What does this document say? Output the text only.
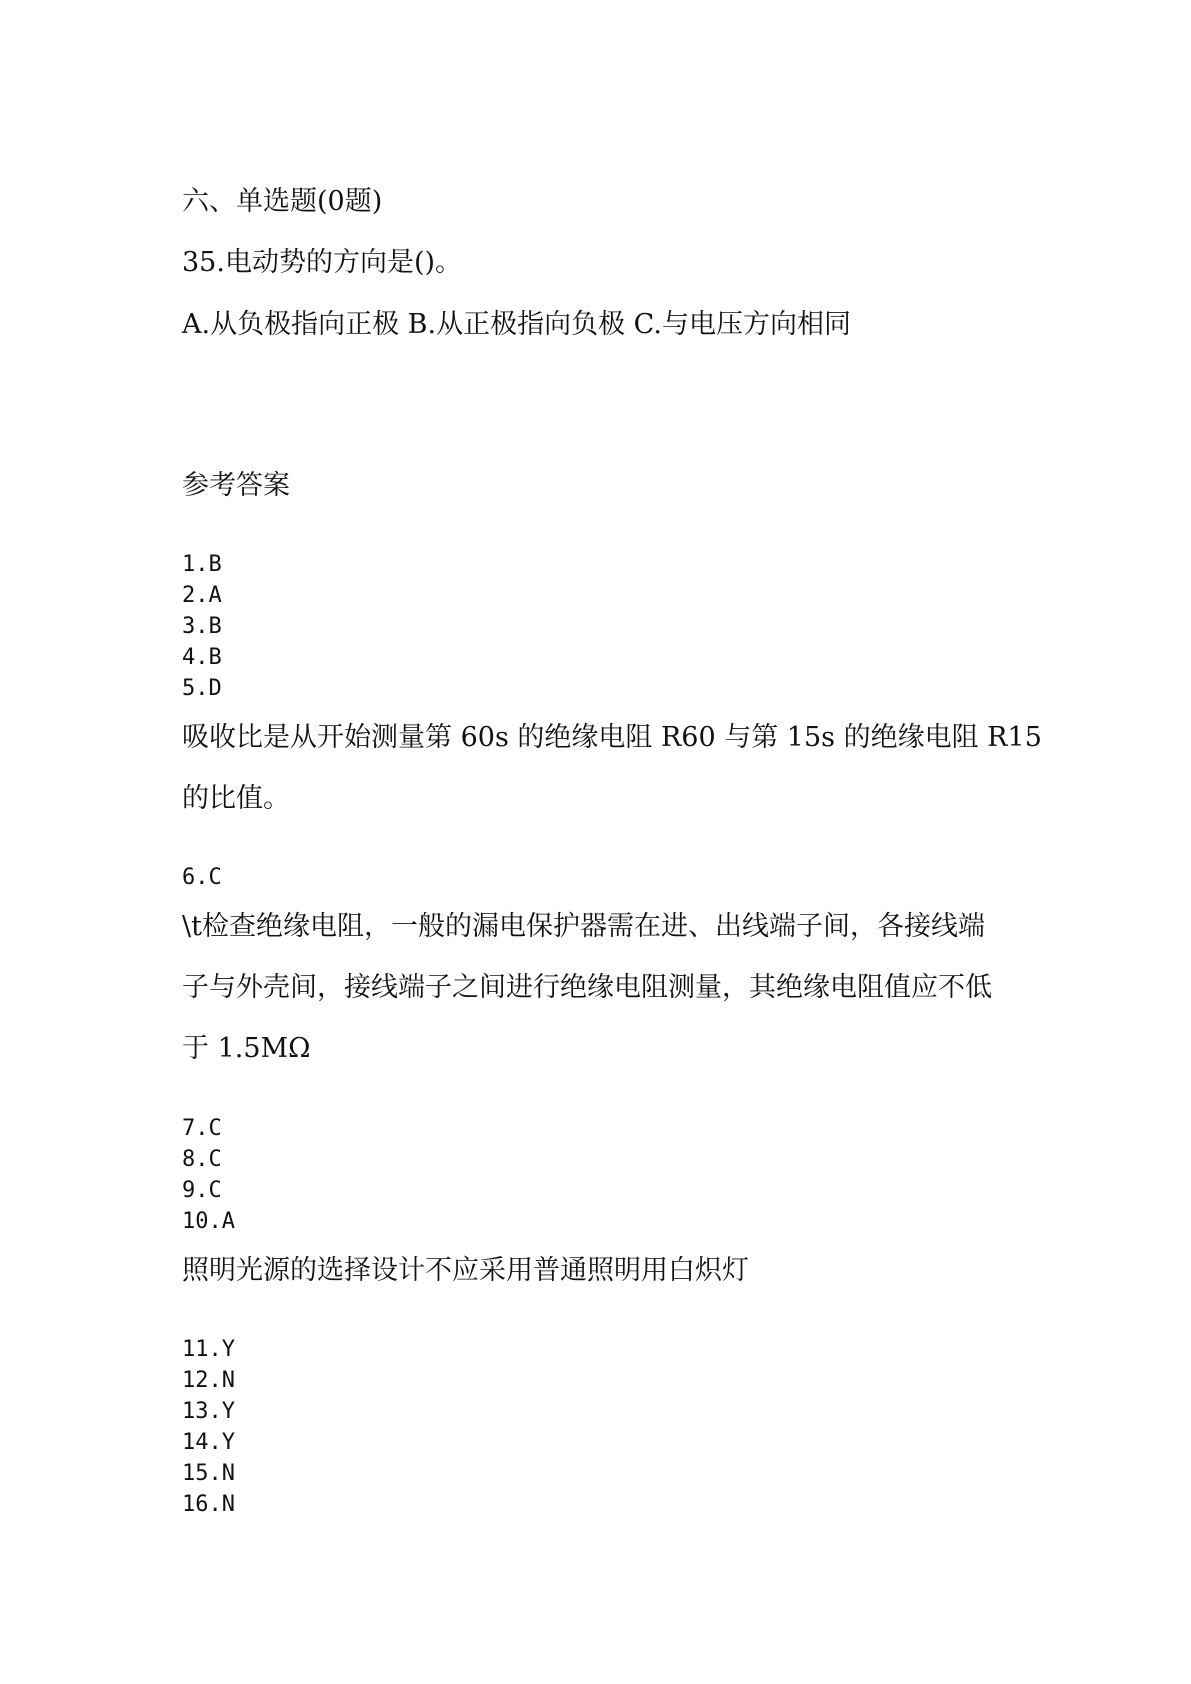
六、单选题(0题)
35.电动势的方向是()。
A.从负极指向正极 B.从正极指向负极 C.与电压方向相同
参考答案
1.B
2.A
3.B
4.B
5.D
吸收比是从开始测量第 60s 的绝缘电阻 R60 与第 15s 的绝缘电阻 R15
的比值。
6.C
\t检查绝缘电阻，一般的漏电保护器需在进、出线端子间，各接线端
子与外壳间，接线端子之间进行绝缘电阻测量，其绝缘电阻值应不低
于 1.5MΩ
7.C
8.C
9.C
10.A
照明光源的选择设计不应采用普通照明用白炽灯
11.Y
12.N
13.Y
14.Y
15.N
16.N
